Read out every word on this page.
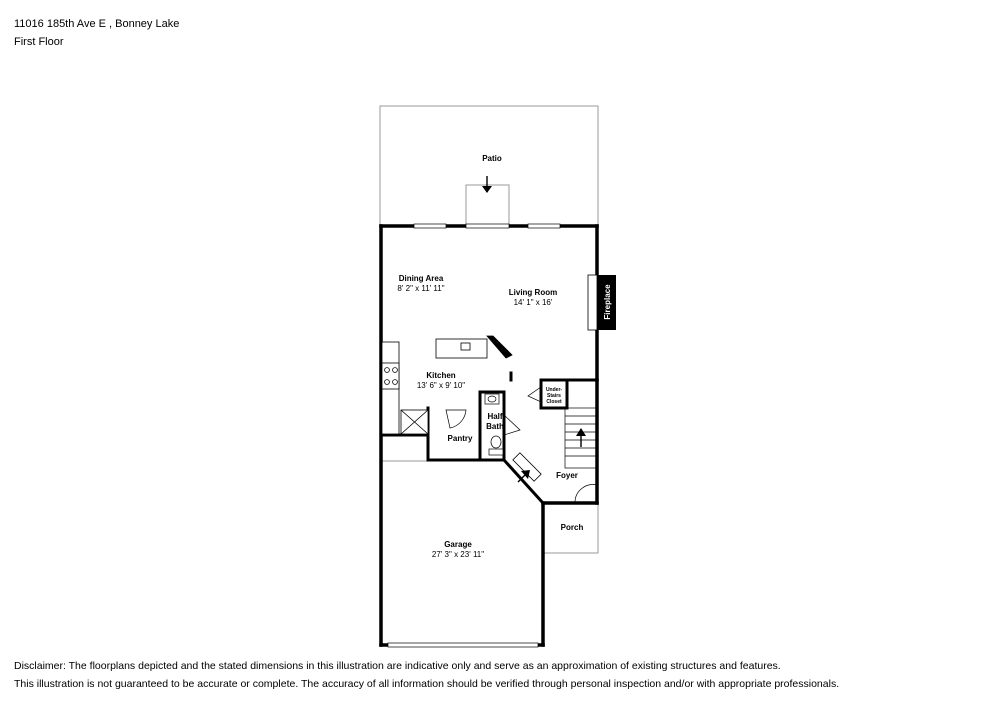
11016 185th Ave E , Bonney Lake
First Floor
Patio
Dining Area
8' 2" x 11' 11"	Living Room
14' 1" x 16'	Fireplace
Kitchen
13' 6" x 9' 10"	Under-
Stairs
Closet
Half
Bath
Pantry
Foyer
Porch
Garage
27' 3" x 23' 11"
Disclaimer: The floorplans depicted and the stated dimensions in this illustration are indicative only and serve as an approximation of existing structures and features.
This illustration is not guaranteed to be accurate or complete. The accuracy of all information should be verified through personal inspection and/or with appropriate professionals.
